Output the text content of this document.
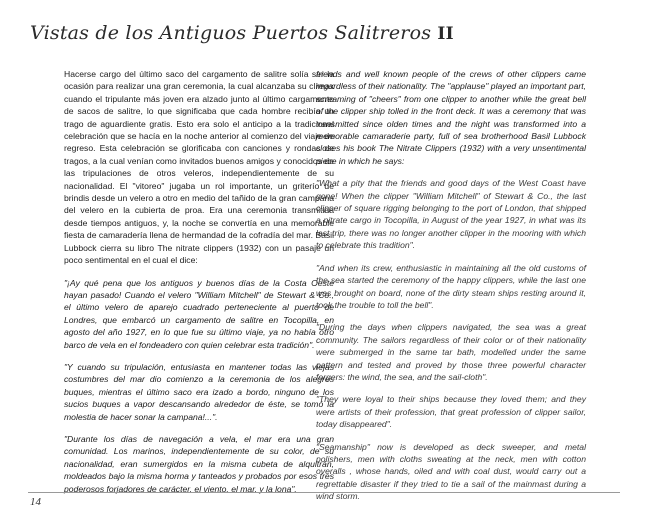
Vistas de los Antiguos Puertos Salitreros II

Hacerse cargo del último saco del cargamento de salitre solía ser la ocasión para realizar una gran ceremonia, la cual alcanzaba su clímax cuando el tripulante más joven era alzado junto al último cargamento de sacos de salitre, lo que significaba que cada hombre recibía un trago de aguardiente gratis. Esto era solo el anticipo a la tradicional celebración que se hacía en la noche anterior al comienzo del viaje de regreso. Esta celebración se glorificaba con canciones y rondas de tragos, a la cual venían como invitados buenos amigos y conocidos de las tripulaciones de otros veleros, independientemente de su nacionalidad. El "vitoreo" jugaba un rol importante, un griterío de brindis desde un velero a otro en medio del tañido de la gran campana del velero en la cubierta de proa. Era una ceremonia transmitida desde tiempos antiguos, y, la noche se convertía en una memorable fiesta de camaradería llena de hermandad de la cofradía del mar. Basil Lubbock cierra su libro The nitrate clippers (1932) con un pasaje un poco sentimental en el cual el dice:

"¡Ay qué pena que los antiguos y buenos días de la Costa Oeste hayan pasado! Cuando el velero "William Mitchell" de Stewart & Co., el último velero de aparejo cuadrado perteneciente al puerto de Londres, que embarcó un cargamento de salitre en Tocopilla, en agosto del año 1927, en lo que fue su último viaje, ya no había otro barco de vela en el fondeadero con quien celebrar esta tradición".

"Y cuando su tripulación, entusiasta en mantener todas las viejas costumbres del mar dio comienzo a la ceremonia de los alegres buques, mientras el último saco era izado a bordo, ninguno de los sucios buques a vapor descansando alrededor de éste, se tomó la molestia de hacer sonar la campana!...".

"Durante los días de navegación a vela, el mar era una gran comunidad. Los marinos, independientemente de su color, de su nacionalidad, eran sumergidos en la misma cubeta de alquitrán, moldeados bajo la misma horma y tanteados y probados por esos tres poderosos forjadores de carácter, el viento, el mar, y la lona".

friends and well known people of the crews of other clippers came regardless of their nationality. The "applause" played an important part, screaming of "cheers" from one clipper to another while the great bell of the clipper ship tolled in the front deck. It was a ceremony that was transmitted since olden times and the night was transformed into a memorable camaraderie party, full of sea brotherhood Basil Lubbock closes his book The Nitrate Clippers (1932) with a very unsentimental piece in which he says:

"What a pity that the friends and good days of the West Coast have gone! When the clipper "William Mitchell" of Stewart & Co., the last clipper of square rigging belonging to the port of London, that shipped a nitrate cargo in Tocopilla, in August of the year 1927, in what was its last trip, there was no longer another clipper in the mooring with which to celebrate this tradition".

"And when its crew, enthusiastic in maintaining all the old customs of the sea started the ceremony of the happy clippers, while the last one was brought on board, none of the dirty steam ships resting around it, took the trouble to toll the bell".

"During the days when clippers navigated, the sea was a great community. The sailors regardless of their color or of their nationality were submerged in the same tar bath, modelled under the same pattern and tested and proved by those three powerful character forgers: the wind, the sea, and the sail-cloth".

"They were loyal to their ships because they loved them; and they were artists of their profession, that great profession of clipper sailor, today disappeared".

"Seamanship" now is developed as deck sweeper, and metal polishers, men with cloths sweating at the neck, men with cotton overalls , whose hands, oiled and with coal dust, would carry out a regrettable disaster if they tried to tie a sail of the mainmast during a wind storm.

14
